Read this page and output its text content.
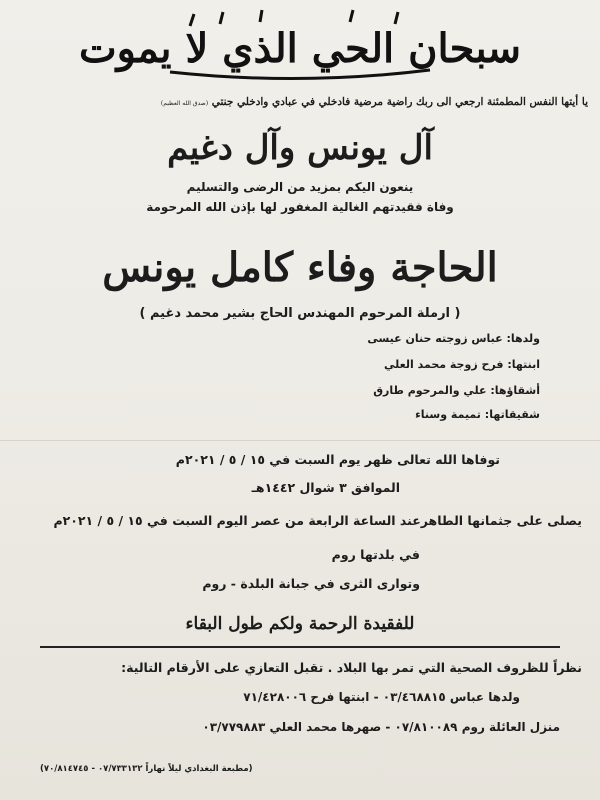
سبحان الحي الذي لا يموت
يا أيتها النفس المطمئنة ارجعي الى ربك راضية مرضية فادخلي في عبادي وادخلي جنتي (صدق الله العظيم)
آل يونس وآل دغيم
ينعون اليكم بمزيد من الرضى والتسليم
وفاة فقيدتهم الغالية المغفور لها بإذن الله المرحومة
الحاجة وفاء كامل يونس
( ارملة المرحوم المهندس الحاج بشير محمد دغيم )
ولدها: عباس زوجته حنان عيسى
ابنتها: فرح زوجة محمد العلي
أشقاؤها: علي والمرحوم طارق
شقيقاتها: تميمة وسناء
توفاها الله تعالى ظهر يوم السبت في ١٥ / ٥ / ٢٠٢١م
الموافق ٣ شوال ١٤٤٢هـ
يصلى على جثمانها الطاهرعند الساعة الرابعة من عصر اليوم السبت في ١٥ / ٥ / ٢٠٢١م
في بلدتها روم
وتوارى الثرى في جبانة البلدة - روم
للفقيدة الرحمة ولكم طول البقاء
نظراً للظروف الصحية التي تمر بها البلاد . تقبل التعازي على الأرقام التالية:
ولدها عباس ٠٣/٤٦٨٨١٥ - ابنتها فرح ٧١/٤٢٨٠٠٦
منزل العائلة روم ٠٧/٨١٠٠٨٩ - صهرها محمد العلي ٠٣/٧٧٩٨٨٣
(مطبعة البغدادي ليلاً نهاراً ٠٧/٧٣٣١٣٢ - ٧٠/٨١٤٧٤٥)
